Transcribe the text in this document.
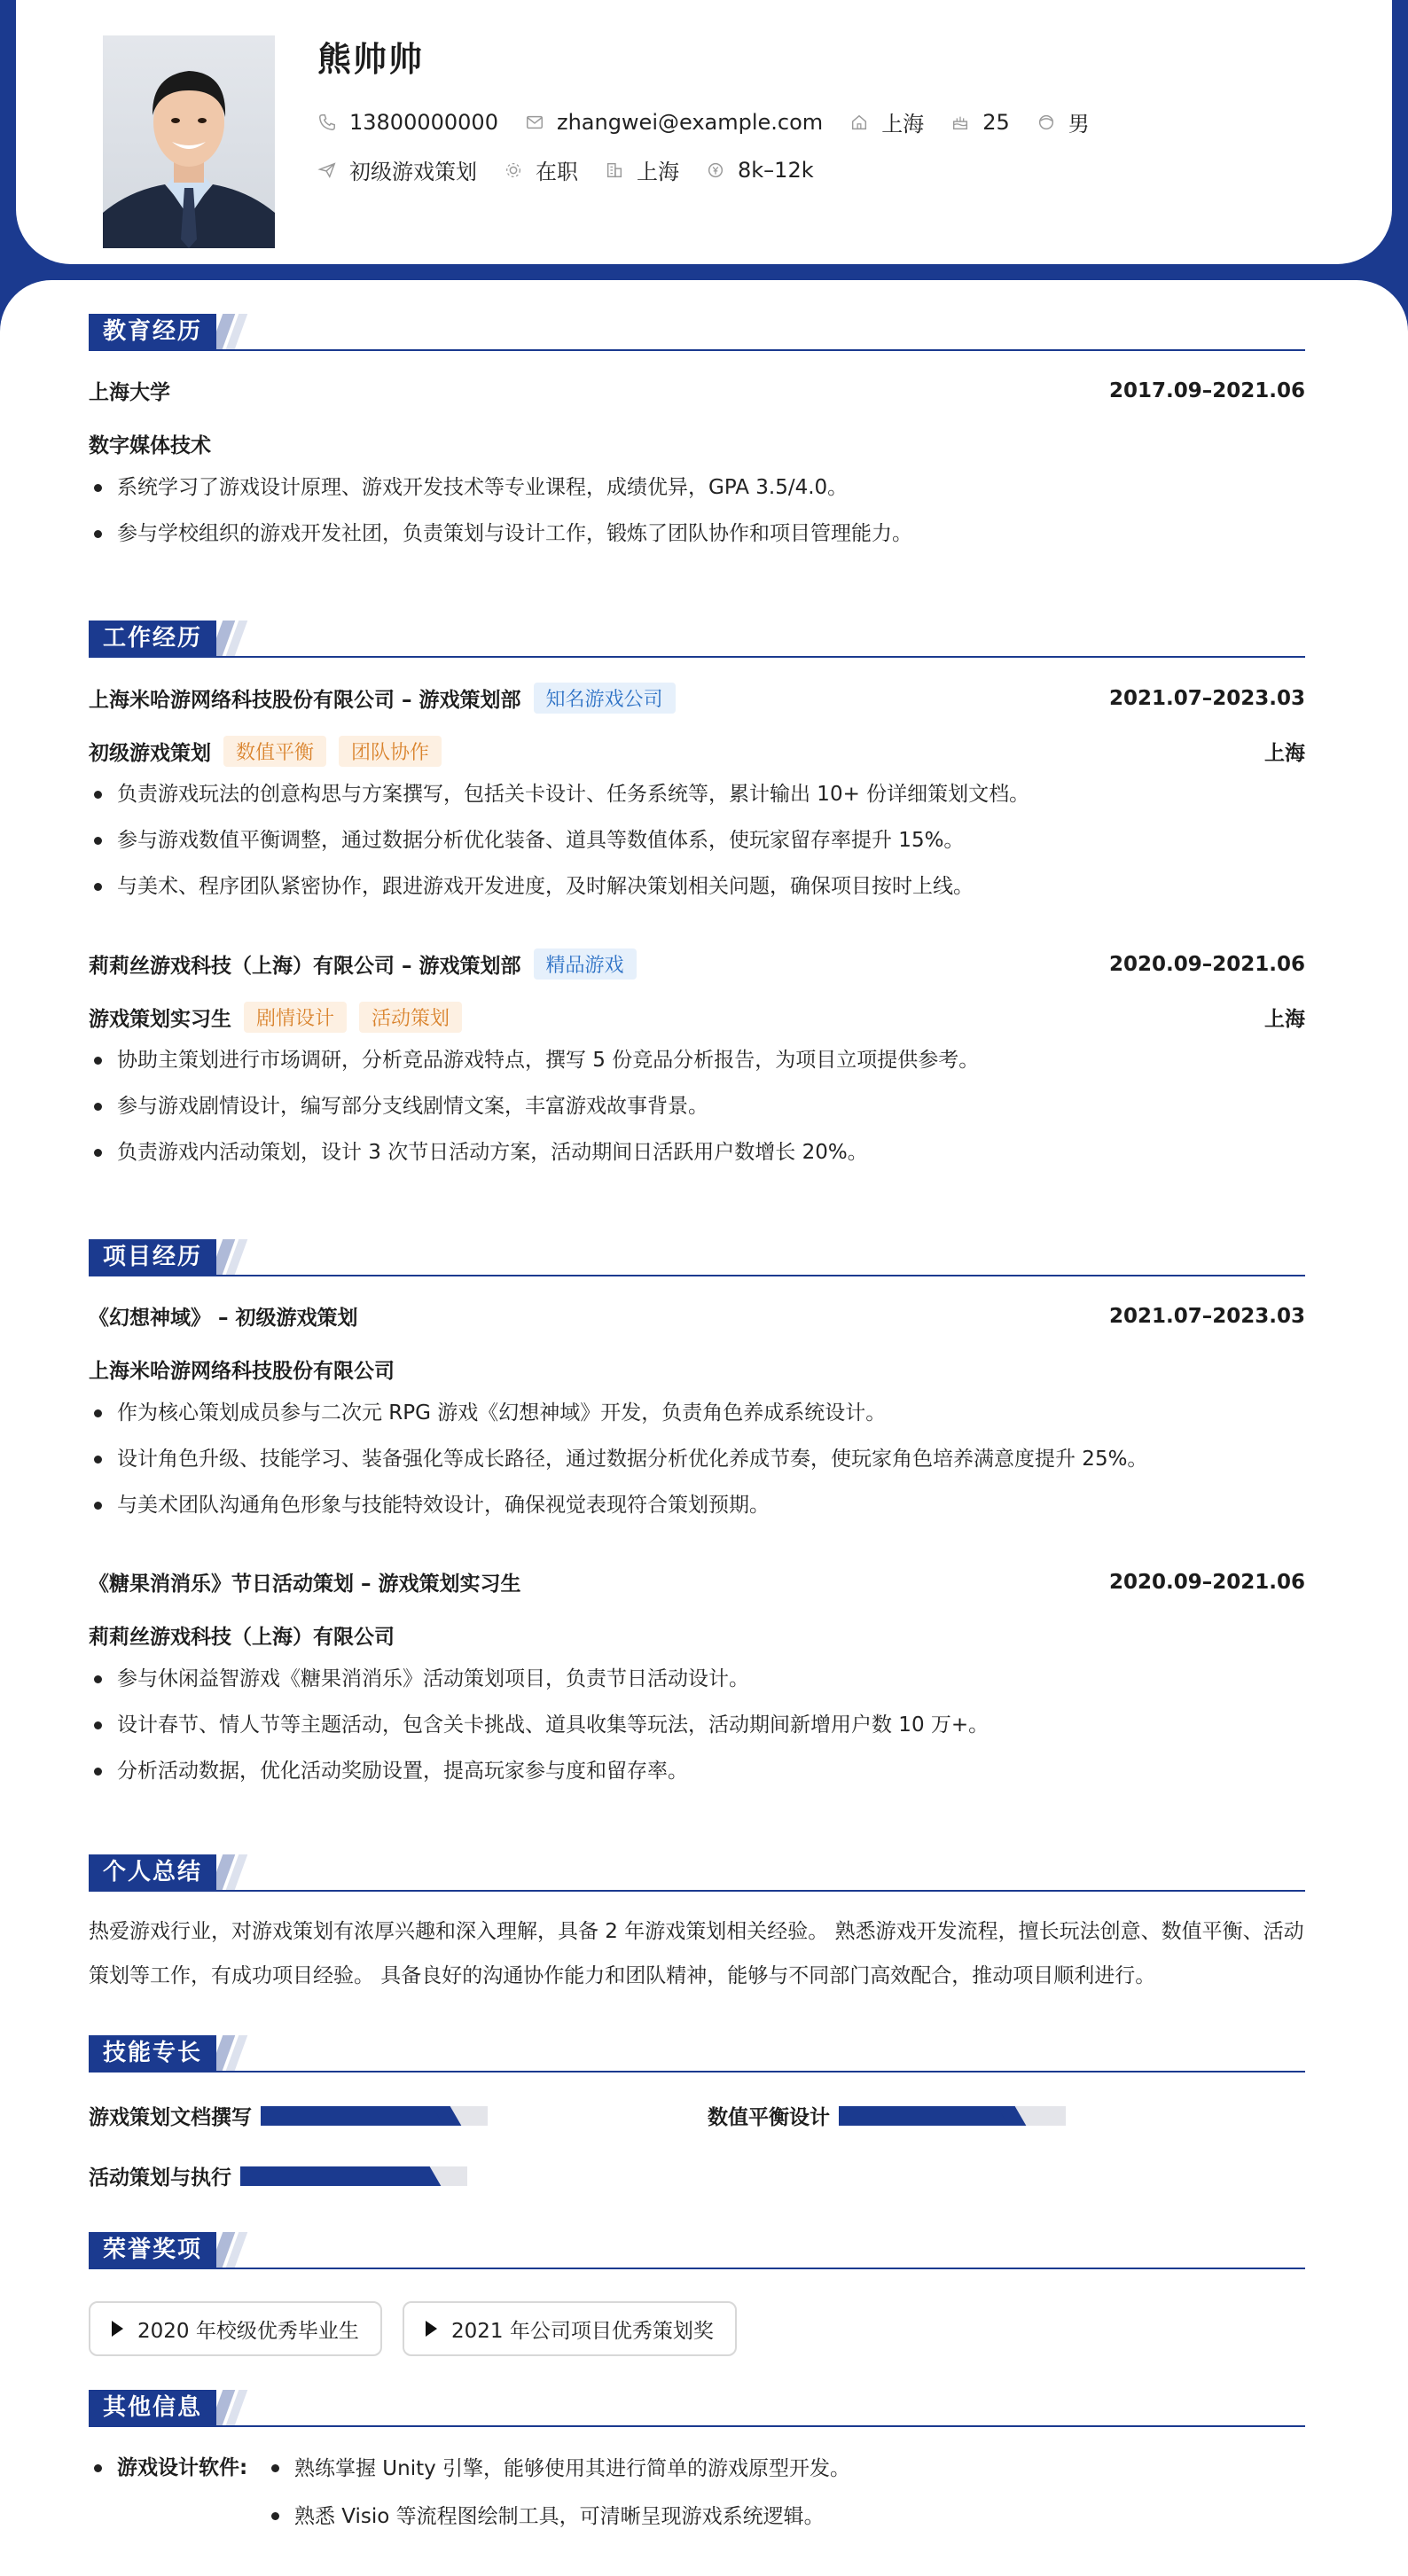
熊帅帅
13800000000	zhangwei@example.com	上海	25	男
初级游戏策划	在职	上海	8k–12k
教育经历
上海大学	2017.09–2021.06
数字媒体技术
系统学习了游戏设计原理、游戏开发技术等专业课程，成绩优异，GPA 3.5/4.0。
参与学校组织的游戏开发社团，负责策划与设计工作，锻炼了团队协作和项目管理能力。
工作经历
上海米哈游网络科技股份有限公司 – 游戏策划部	知名游戏公司	2021.07–2023.03
初级游戏策划	数值平衡	团队协作	上海
负责游戏玩法的创意构思与方案撰写，包括关卡设计、任务系统等，累计输出 10+ 份详细策划文档。
参与游戏数值平衡调整，通过数据分析优化装备、道具等数值体系，使玩家留存率提升 15%。
与美术、程序团队紧密协作，跟进游戏开发进度，及时解决策划相关问题，确保项目按时上线。
莉莉丝游戏科技（上海）有限公司 – 游戏策划部	精品游戏	2020.09–2021.06
游戏策划实习生	剧情设计	活动策划	上海
协助主策划进行市场调研，分析竞品游戏特点，撰写 5 份竞品分析报告，为项目立项提供参考。
参与游戏剧情设计，编写部分支线剧情文案，丰富游戏故事背景。
负责游戏内活动策划，设计 3 次节日活动方案，活动期间日活跃用户数增长 20%。
项目经历
《幻想神域》 – 初级游戏策划	2021.07–2023.03
上海米哈游网络科技股份有限公司
作为核心策划成员参与二次元 RPG 游戏《幻想神域》开发，负责角色养成系统设计。
设计角色升级、技能学习、装备强化等成长路径，通过数据分析优化养成节奏，使玩家角色培养满意度提升 25%。
与美术团队沟通角色形象与技能特效设计，确保视觉表现符合策划预期。
《糖果消消乐》节日活动策划 – 游戏策划实习生	2020.09–2021.06
莉莉丝游戏科技（上海）有限公司
参与休闲益智游戏《糖果消消乐》活动策划项目，负责节日活动设计。
设计春节、情人节等主题活动，包含关卡挑战、道具收集等玩法，活动期间新增用户数 10 万+。
分析活动数据，优化活动奖励设置，提高玩家参与度和留存率。
个人总结
热爱游戏行业，对游戏策划有浓厚兴趣和深入理解，具备 2 年游戏策划相关经验。 熟悉游戏开发流程，擅长玩法创意、数值平衡、活动策划等工作，有成功项目经验。 具备良好的沟通协作能力和团队精神，能够与不同部门高效配合，推动项目顺利进行。
技能专长
游戏策划文档撰写	数值平衡设计
活动策划与执行
荣誉奖项
2020 年校级优秀毕业生	2021 年公司项目优秀策划奖
其他信息
游戏设计软件:	熟练掌握 Unity 引擎，能够使用其进行简单的游戏原型开发。
熟悉 Visio 等流程图绘制工具，可清晰呈现游戏系统逻辑。
